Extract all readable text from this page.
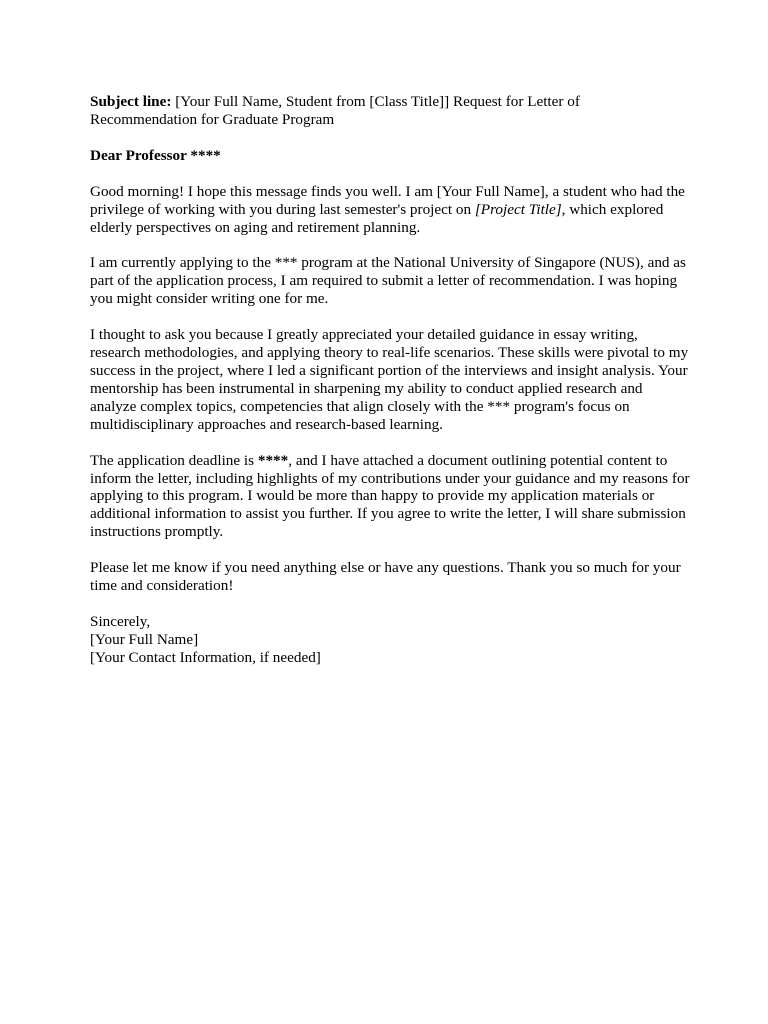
Subject line: [Your Full Name, Student from [Class Title]] Request for Letter of Recommendation for Graduate Program

Dear Professor ****

Good morning! I hope this message finds you well. I am [Your Full Name], a student who had the privilege of working with you during last semester's project on [Project Title], which explored elderly perspectives on aging and retirement planning.

I am currently applying to the *** program at the National University of Singapore (NUS), and as part of the application process, I am required to submit a letter of recommendation. I was hoping you might consider writing one for me.

I thought to ask you because I greatly appreciated your detailed guidance in essay writing, research methodologies, and applying theory to real-life scenarios. These skills were pivotal to my success in the project, where I led a significant portion of the interviews and insight analysis. Your mentorship has been instrumental in sharpening my ability to conduct applied research and analyze complex topics, competencies that align closely with the *** program's focus on multidisciplinary approaches and research-based learning.

The application deadline is ****, and I have attached a document outlining potential content to inform the letter, including highlights of my contributions under your guidance and my reasons for applying to this program. I would be more than happy to provide my application materials or additional information to assist you further. If you agree to write the letter, I will share submission instructions promptly.

Please let me know if you need anything else or have any questions. Thank you so much for your time and consideration!

Sincerely,
[Your Full Name]
[Your Contact Information, if needed]
